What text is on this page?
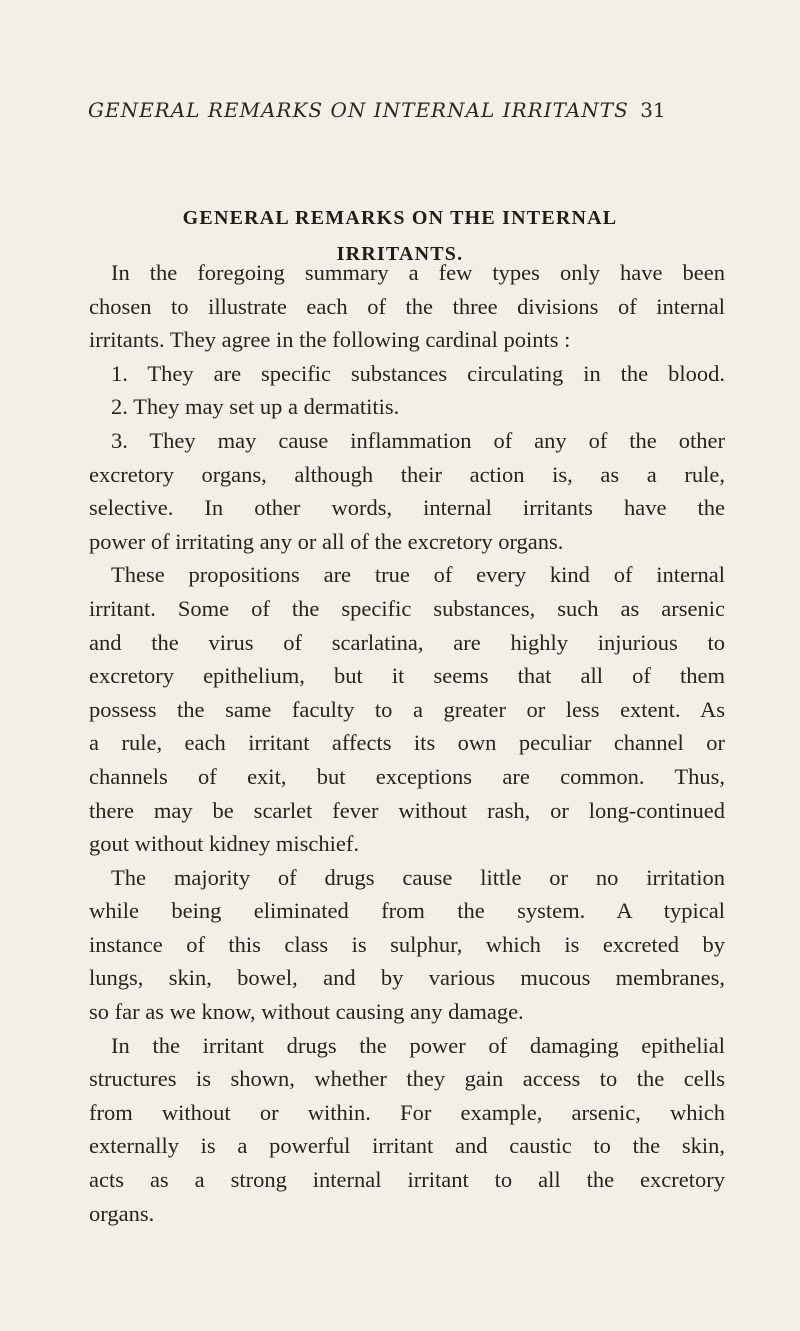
GENERAL REMARKS ON INTERNAL IRRITANTS 31
GENERAL REMARKS ON THE INTERNAL
IRRITANTS.
In the foregoing summary a few types only have been
chosen to illustrate each of the three divisions of internal
irritants. They agree in the following cardinal points :
1. They are specific substances circulating in the blood.
2. They may set up a dermatitis.
3. They may cause inflammation of any of the other
excretory organs, although their action is, as a rule,
selective. In other words, internal irritants have the
power of irritating any or all of the excretory organs.
These propositions are true of every kind of internal
irritant. Some of the specific substances, such as arsenic
and the virus of scarlatina, are highly injurious to
excretory epithelium, but it seems that all of them
possess the same faculty to a greater or less extent. As
a rule, each irritant affects its own peculiar channel or
channels of exit, but exceptions are common. Thus,
there may be scarlet fever without rash, or long-continued
gout without kidney mischief.
The majority of drugs cause little or no irritation
while being eliminated from the system. A typical
instance of this class is sulphur, which is excreted by
lungs, skin, bowel, and by various mucous membranes,
so far as we know, without causing any damage.
In the irritant drugs the power of damaging epithelial
structures is shown, whether they gain access to the cells
from without or within. For example, arsenic, which
externally is a powerful irritant and caustic to the skin,
acts as a strong internal irritant to all the excretory
organs.
